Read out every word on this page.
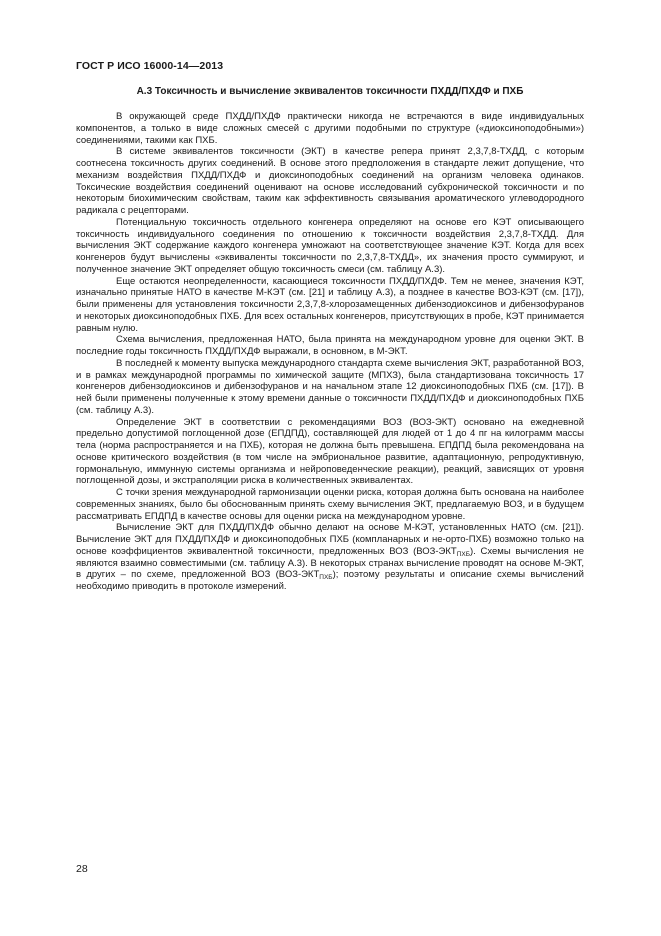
ГОСТ Р ИСО 16000-14—2013
А.3 Токсичность и вычисление эквивалентов токсичности ПХДД/ПХДФ и ПХБ

В окружающей среде ПХДД/ПХДФ практически никогда не встречаются в виде индивидуальных компонентов, а только в виде сложных смесей с другими подобными по структуре («диоксиноподобными») соединениями, такими как ПХБ.

В системе эквивалентов токсичности (ЭКТ) в качестве репера принят 2,3,7,8-ТХДД, с которым соотнесена токсичность других соединений. В основе этого предположения в стандарте лежит допущение, что механизм воздействия ПХДД/ПХДФ и диоксиноподобных соединений на организм человека одинаков. Токсические воздействия соединений оценивают на основе исследований субхронической токсичности и по некоторым биохимическим свойствам, таким как эффективность связывания ароматического углеводородного радикала с рецепторами.

Потенциальную токсичность отдельного конгенера определяют на основе его КЭТ описывающего токсичность индивидуального соединения по отношению к токсичности воздействия 2,3,7,8-ТХДД. Для вычисления ЭКТ содержание каждого конгенера умножают на соответствующее значение КЭТ. Когда для всех конгенеров будут вычислены «эквиваленты токсичности по 2,3,7,8-ТХДД», их значения просто суммируют, и полученное значение ЭКТ определяет общую токсичность смеси (см. таблицу А.3).

Еще остаются неопределенности, касающиеся токсичности ПХДД/ПХДФ. Тем не менее, значения КЭТ, изначально принятые НАТО в качестве М-КЭТ (см. [21] и таблицу А.3), а позднее в качестве ВОЗ-КЭТ (см. [17]), были применены для установления токсичности 2,3,7,8-хлорозамещенных дибензодиоксинов и дибензофуранов и некоторых диоксиноподобных ПХБ. Для всех остальных конгенеров, присутствующих в пробе, КЭТ принимается равным нулю.

Схема вычисления, предложенная НАТО, была принята на международном уровне для оценки ЭКТ. В последние годы токсичность ПХДД/ПХДФ выражали, в основном, в М-ЭКТ.

В последней к моменту выпуска международного стандарта схеме вычисления ЭКТ, разработанной ВОЗ, и в рамках международной программы по химической защите (МПХЗ), была стандартизована токсичность 17 конгенеров дибензодиоксинов и дибензофуранов и на начальном этапе 12 диоксиноподобных ПХБ (см. [17]). В ней были применены полученные к этому времени данные о токсичности ПХДД/ПХДФ и диоксиноподобных ПХБ (см. таблицу А.3).

Определение ЭКТ в соответствии с рекомендациями ВОЗ (ВОЗ-ЭКТ) основано на ежедневной предельно допустимой поглощенной дозе (ЕПДПД), составляющей для людей от 1 до 4 пг на килограмм массы тела (норма распространяется и на ПХБ), которая не должна быть превышена. ЕПДПД была рекомендована на основе критического воздействия (в том числе на эмбриональное развитие, адаптационную, репродуктивную, гормональную, иммунную системы организма и нейроповеденческие реакции), реакций, зависящих от уровня поглощенной дозы, и экстраполяции риска в количественных эквивалентах.

С точки зрения международной гармонизации оценки риска, которая должна быть основана на наиболее современных знаниях, было бы обоснованным принять схему вычисления ЭКТ, предлагаемую ВОЗ, и в будущем рассматривать ЕПДПД в качестве основы для оценки риска на международном уровне.

Вычисление ЭКТ для ПХДД/ПХДФ обычно делают на основе М-КЭТ, установленных НАТО (см. [21]). Вычисление ЭКТ для ПХДД/ПХДФ и диоксиноподобных ПХБ (компланарных и не-орто-ПХБ) возможно только на основе коэффициентов эквивалентной токсичности, предложенных ВОЗ $(ВОЗ-ЭКТ_{ПХБ})$. Схемы вычисления не являются взаимно совместимыми (см. таблицу А.3). В некоторых странах вычисление проводят на основе М-ЭКТ, в других – по схеме, предложенной ВОЗ $(ВОЗ-ЭКТ_{ПХБ})$; поэтому результаты и описание схемы вычислений необходимо приводить в протоколе измерений.

28
